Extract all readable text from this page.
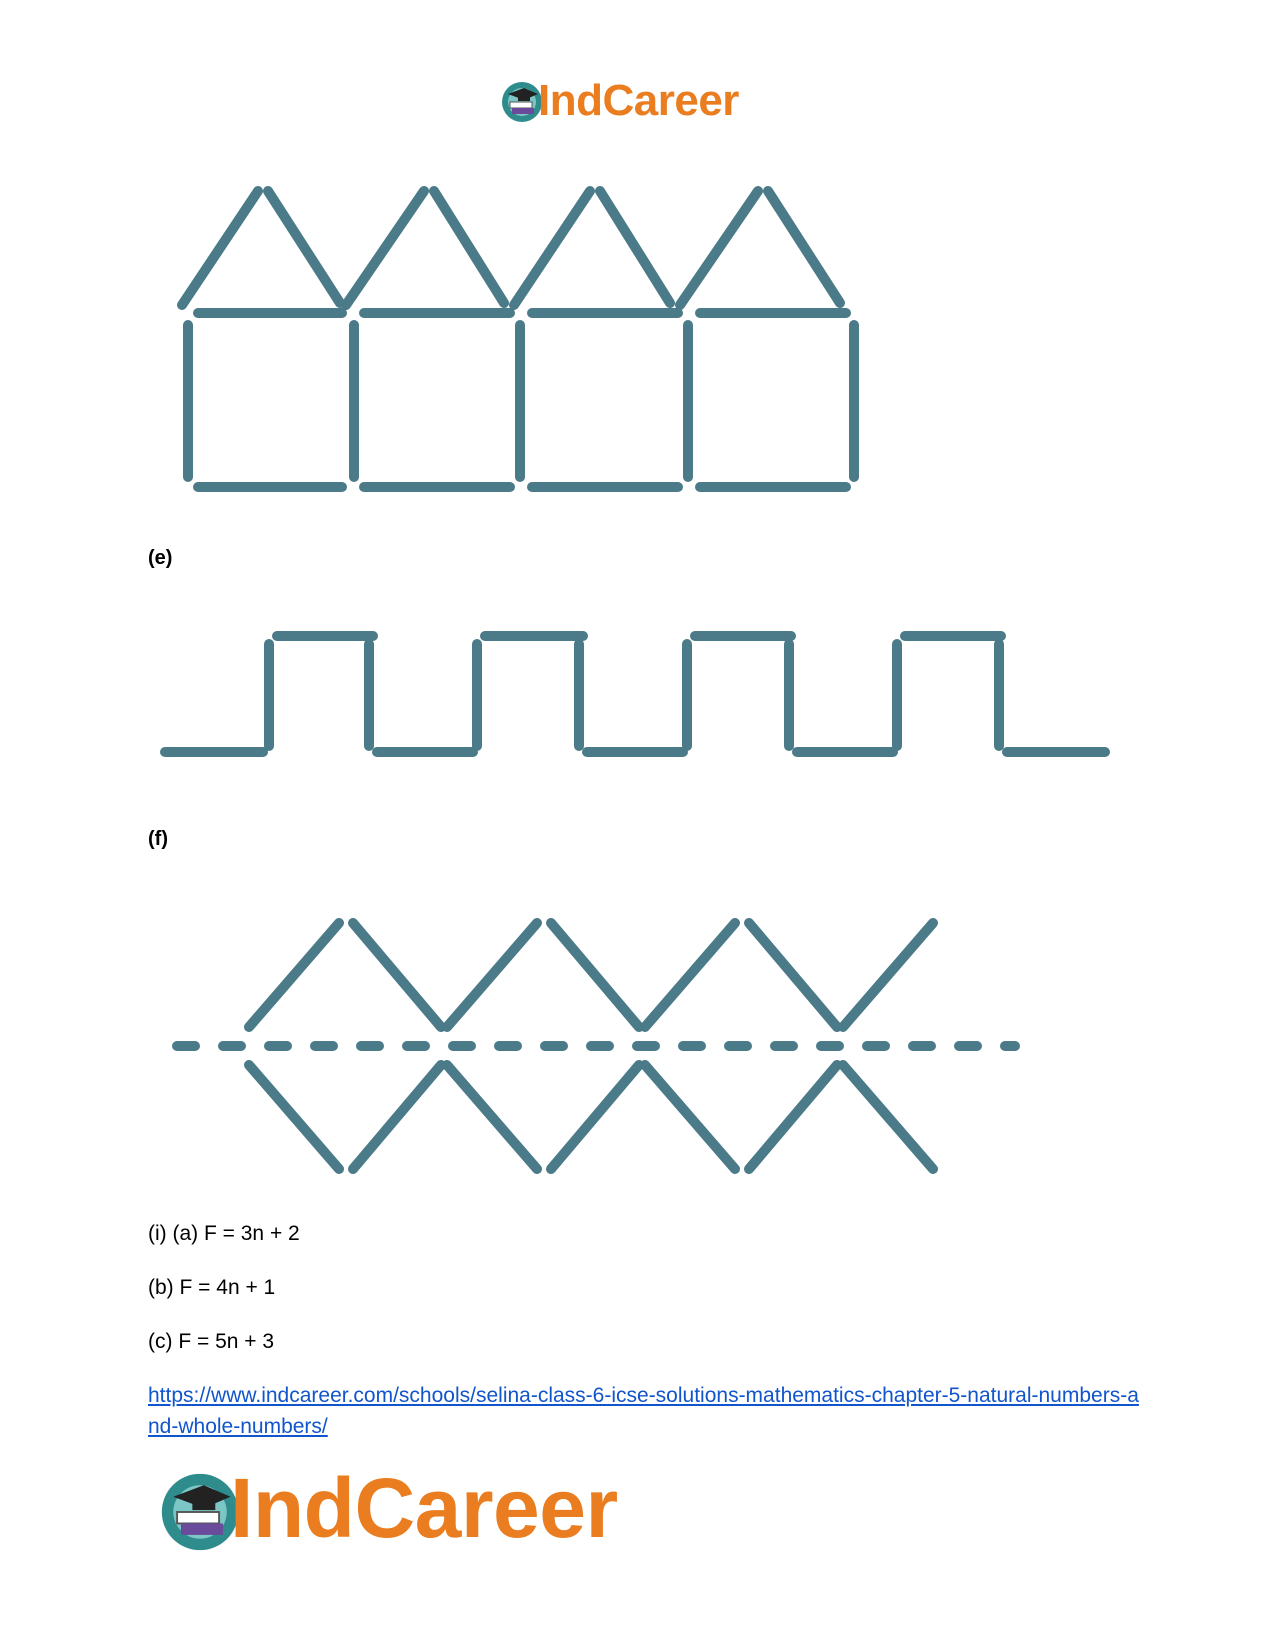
IndCareer
(e)
(f)
(i) (a) F = 3n + 2
(b) F = 4n + 1
(c) F = 5n + 3
https://www.indcareer.com/schools/selina-class-6-icse-solutions-mathematics-chapter-5-natural-numbers-and-whole-numbers/
IndCareer
